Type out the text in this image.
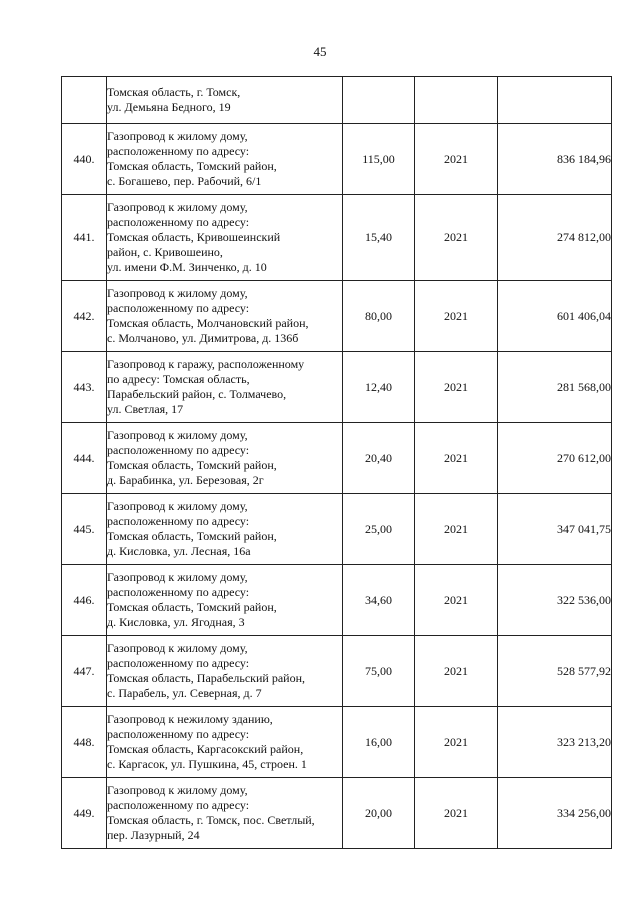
45

	Томская область, г. Томск,
ул. Демьяна Бедного, 19			

440.	Газопровод к жилому дому,
расположенному по адресу:
Томская область, Томский район,
с. Богашево, пер. Рабочий, 6/1	115,00	2021	836 184,96
441.	Газопровод к жилому дому,
расположенному по адресу:
Томская область, Кривошеинский
район, с. Кривошеино,
ул. имени Ф.М. Зинченко, д. 10	15,40	2021	274 812,00
442.	Газопровод к жилому дому,
расположенному по адресу:
Томская область, Молчановский район,
с. Молчаново, ул. Димитрова, д. 136б	80,00	2021	601 406,04
443.	Газопровод к гаражу, расположенному
по адресу: Томская область,
Парабельский район, с. Толмачево,
ул. Светлая, 17	12,40	2021	281 568,00
444.	Газопровод к жилому дому,
расположенному по адресу:
Томская область, Томский район,
д. Барабинка, ул. Березовая, 2г	20,40	2021	270 612,00
445.	Газопровод к жилому дому,
расположенному по адресу:
Томская область, Томский район,
д. Кисловка, ул. Лесная, 16а	25,00	2021	347 041,75
446.	Газопровод к жилому дому,
расположенному по адресу:
Томская область, Томский район,
д. Кисловка, ул. Ягодная, 3	34,60	2021	322 536,00
447.	Газопровод к жилому дому,
расположенному по адресу:
Томская область, Парабельский район,
с. Парабель, ул. Северная, д. 7	75,00	2021	528 577,92
448.	Газопровод к нежилому зданию,
расположенному по адресу:
Томская область, Каргасокский район,
с. Каргасок, ул. Пушкина, 45, строен. 1	16,00	2021	323 213,20
449.	Газопровод к жилому дому,
расположенному по адресу:
Томская область, г. Томск, пос. Светлый,
пер. Лазурный, 24	20,00	2021	334 256,00
